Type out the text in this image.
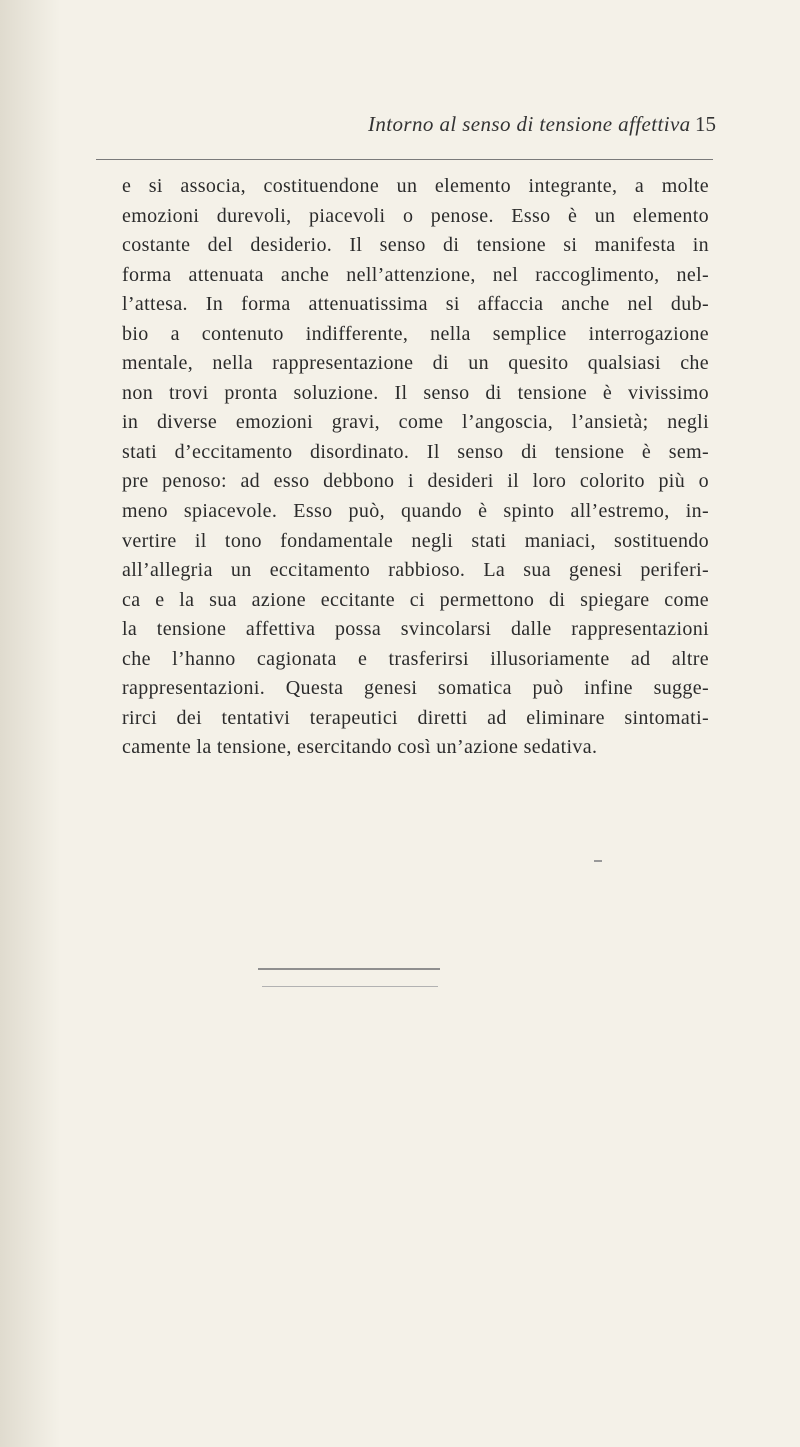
Intorno al senso di tensione affettiva 15
e si associa, costituendone un elemento integrante, a molte
emozioni durevoli, piacevoli o penose. Esso è un elemento
costante del desiderio. Il senso di tensione si manifesta in
forma attenuata anche nell’attenzione, nel raccoglimento, nel-
l’attesa. In forma attenuatissima si affaccia anche nel dub-
bio a contenuto indifferente, nella semplice interrogazione
mentale, nella rappresentazione di un quesito qualsiasi che
non trovi pronta soluzione. Il senso di tensione è vivissimo
in diverse emozioni gravi, come l’angoscia, l’ansietà; negli
stati d’eccitamento disordinato. Il senso di tensione è sem-
pre penoso: ad esso debbono i desideri il loro colorito più o
meno spiacevole. Esso può, quando è spinto all’estremo, in-
vertire il tono fondamentale negli stati maniaci, sostituendo
all’allegria un eccitamento rabbioso. La sua genesi periferi-
ca e la sua azione eccitante ci permettono di spiegare come
la tensione affettiva possa svincolarsi dalle rappresentazioni
che l’hanno cagionata e trasferirsi illusoriamente ad altre
rappresentazioni. Questa genesi somatica può infine sugge-
rirci dei tentativi terapeutici diretti ad eliminare sintomati-
camente la tensione, esercitando così un’azione sedativa.
